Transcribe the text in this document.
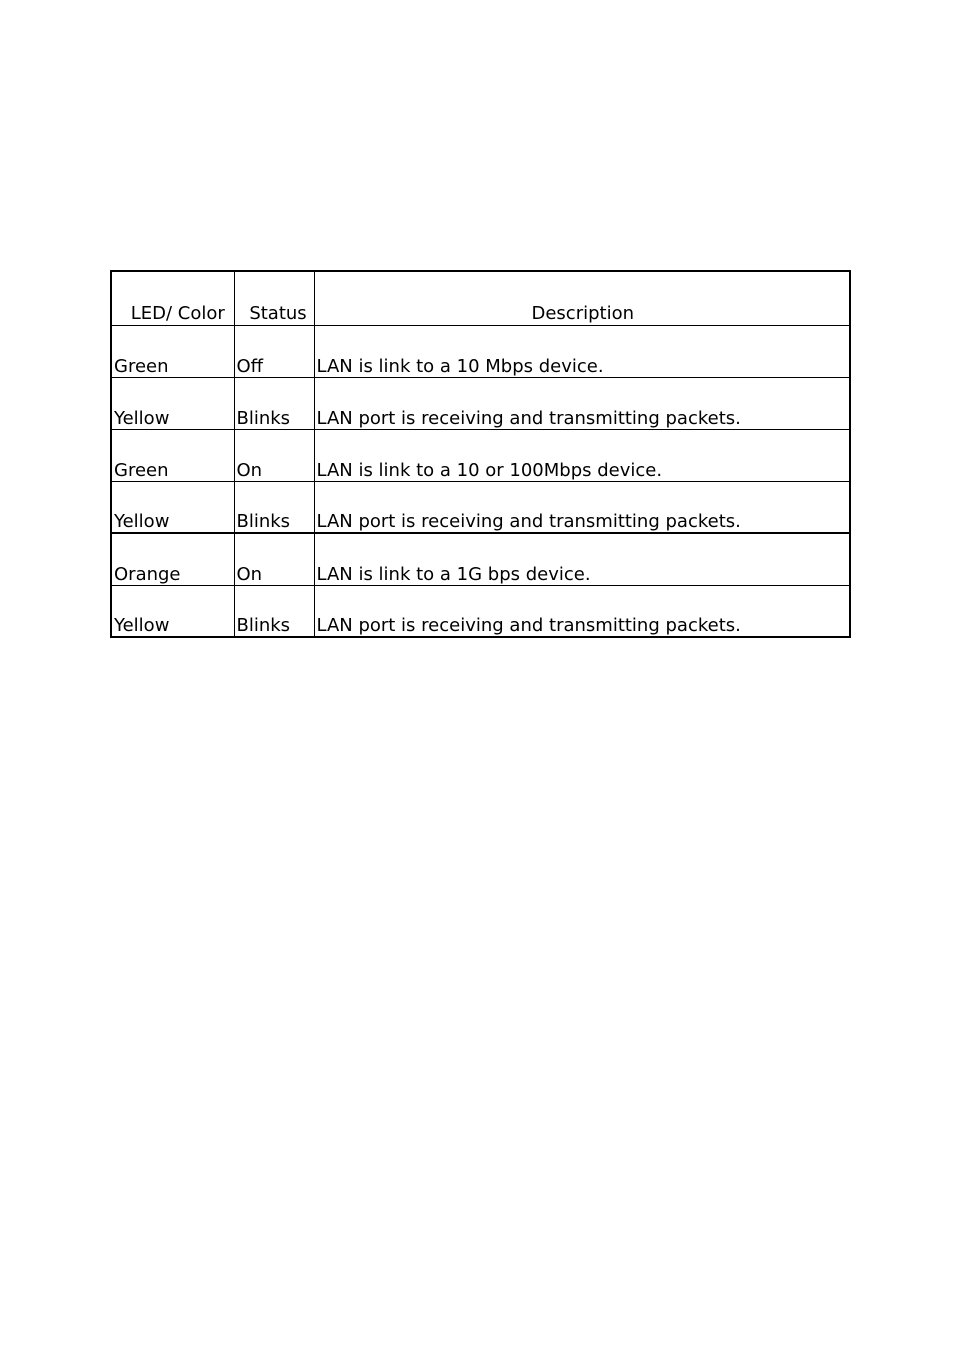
LED/ Color	Status	Description
Green	Off	LAN is link to a 10 Mbps device.
Yellow	Blinks	LAN port is receiving and transmitting packets.
Green	On	LAN is link to a 10 or 100Mbps device.
Yellow	Blinks	LAN port is receiving and transmitting packets.
Orange	On	LAN is link to a 1G bps device.
Yellow	Blinks	LAN port is receiving and transmitting packets.
